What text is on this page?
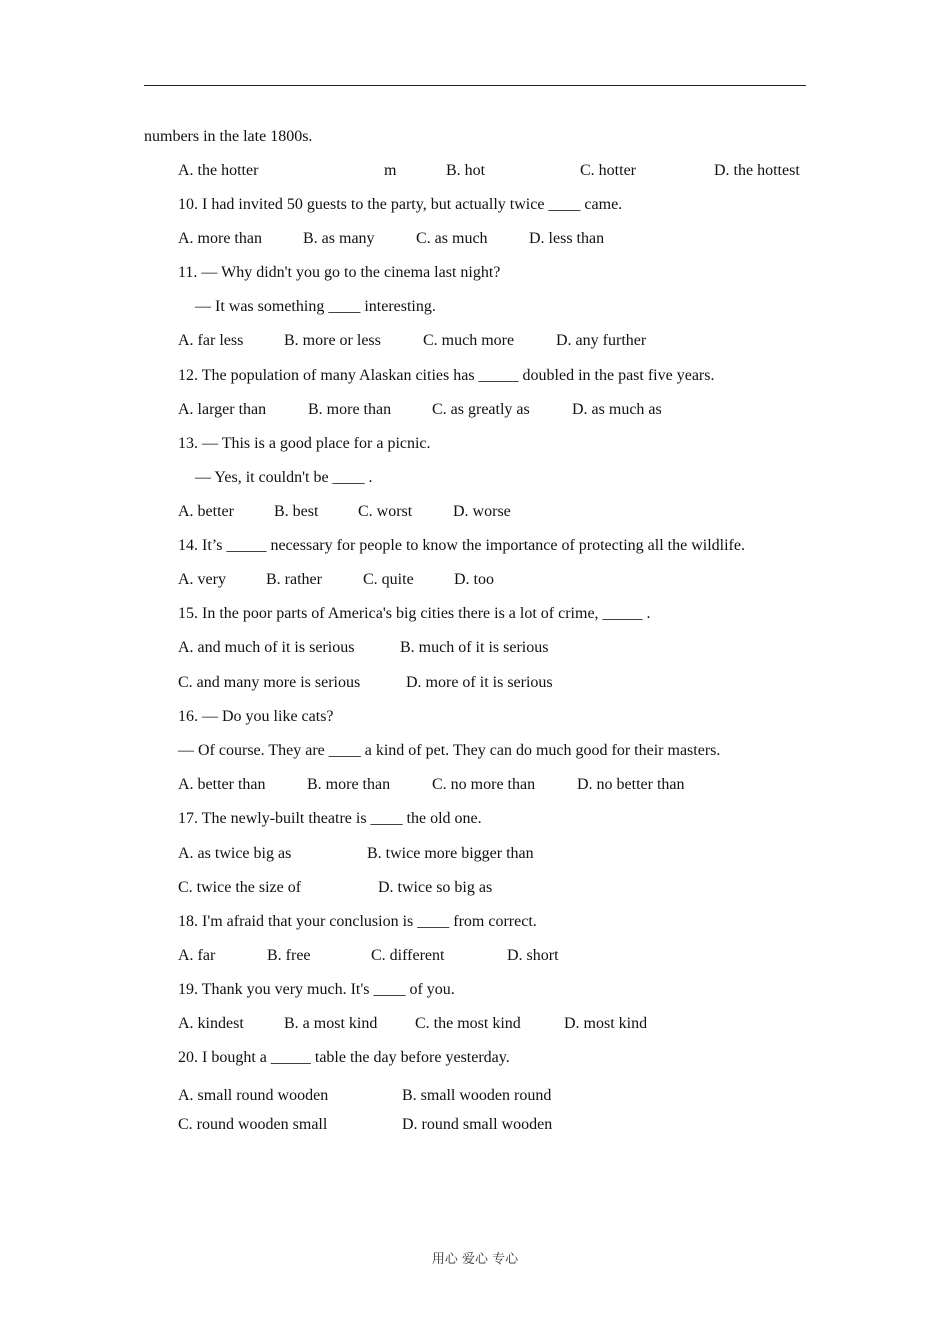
numbers in the late 1800s.
A. the hotter	m	B. hot	C. hotter	D. the hottest
10. I had invited 50 guests to the party, but actually twice ____ came.
A. more than	B. as many	C. as much	D. less than
11. — Why didn't you go to the cinema last night?
— It was something ____ interesting.
A. far less	B. more or less	C. much more	D. any further
12. The population of many Alaskan cities has _____ doubled in the past five years.
A. larger than	B. more than	C. as greatly as	D. as much as
13. — This is a good place for a picnic.
— Yes, it couldn't be ____ .
A. better	B. best C. worst	D. worse
14. It’s _____ necessary for people to know the importance of protecting all the wildlife.
A. very	B. rather	C. quite	D. too
15. In the poor parts of America's big cities there is a lot of crime, _____ .
A. and much of it is serious	B. much of it is serious
C. and many more is serious	D. more of it is serious
16. — Do you like cats?
— Of course. They are ____ a kind of pet. They can do much good for their masters.
A. better than	B. more than	C. no more than	D. no better than
17. The newly-built theatre is ____ the old one.
A. as twice big as	B. twice more bigger than
C. twice the size of	D. twice so big as
18. I'm afraid that your conclusion is ____ from correct.
A. far	B. free	C. different	D. short
19. Thank you very much. It's ____ of you.
A. kindest	B. a most kind C. the most kind	D. most kind
20. I bought a _____ table the day before yesterday.
A. small round wooden	B. small wooden round
C. round wooden small	D. round small wooden
用心 爱心 专心
